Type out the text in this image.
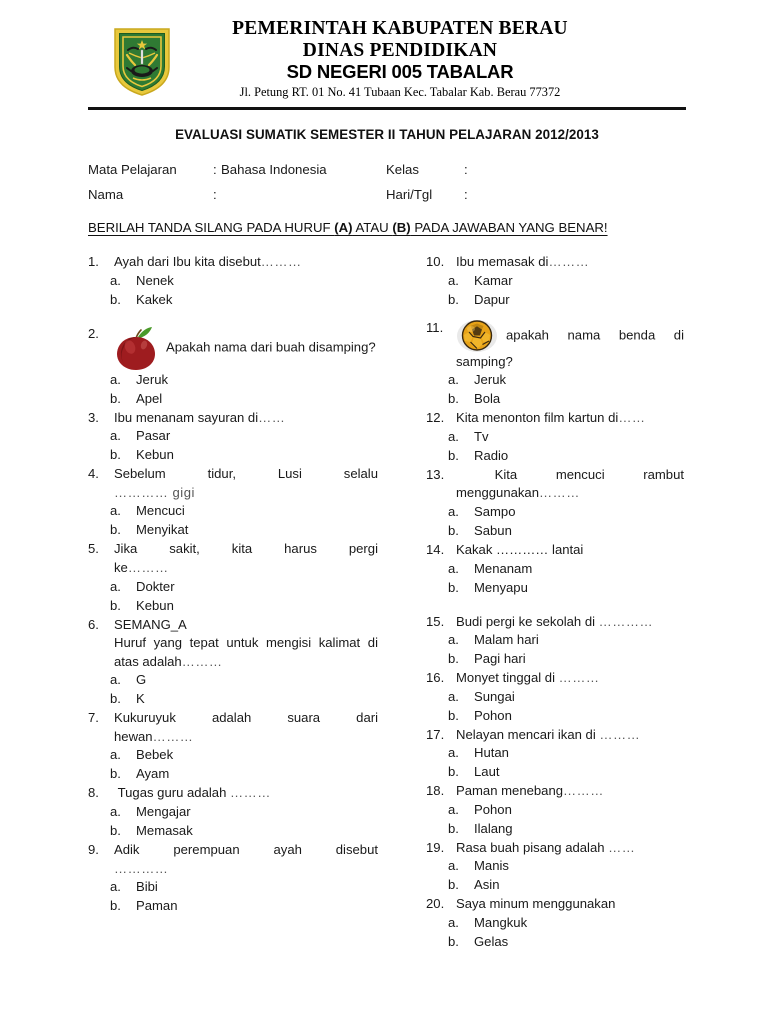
PEMERINTAH KABUPATEN BERAU
DINAS PENDIDIKAN
SD NEGERI 005 TABALAR
Jl. Petung RT. 01 No. 41 Tubaan Kec. Tabalar Kab. Berau 77372
EVALUASI SUMATIK SEMESTER II TAHUN PELAJARAN 2012/2013
Mata Pelajaran	: Bahasa Indonesia	Kelas	:
Nama	:	Hari/Tgl	:
BERILAH TANDA SILANG PADA HURUF (A) ATAU (B) PADA JAWABAN YANG BENAR!
1.	Ayah dari Ibu kita disebut………
a.	Nenek
b.	Kakek
2.
Apakah nama dari buah disamping?
a.	Jeruk
b.	Apel
3.	Ibu menanam sayuran di……
a.	Pasar
b.	Kebun
4.	Sebelum tidur, Lusi selalu
………… gigi
a.	Mencuci
b.	Menyikat
5.	Jika sakit, kita harus pergi
ke………
a.	Dokter
b.	Kebun
6.	SEMANG_A
Huruf yang tepat untuk mengisi kalimat di atas adalah………
a.	G
b.	K
7.	Kukuruyuk adalah suara dari
hewan………
a.	Bebek
b.	Ayam
8.	Tugas guru adalah ………
a.	Mengajar
b.	Memasak
9.	Adik perempuan ayah disebut
…………
a.	Bibi
b.	Paman
10. Ibu memasak di………
a.	Kamar
b.	Dapur
11.	apakah nama benda di samping?
a.	Jeruk
b.	Bola
12. Kita menonton film kartun di……
a.	Tv
b.	Radio
13.	Kita mencuci rambut
menggunakan………
a.	Sampo
b.	Sabun
14. Kakak ………… lantai
a.	Menanam
b.	Menyapu
15. Budi pergi ke sekolah di …………
a.	Malam hari
b.	Pagi hari
16. Monyet tinggal di ………
a.	Sungai
b.	Pohon
17. Nelayan mencari ikan di ………
a.	Hutan
b.	Laut
18. Paman menebang………
a.	Pohon
b.	Ilalang
19. Rasa buah pisang adalah ……
a.	Manis
b.	Asin
20. Saya minum menggunakan
a.	Mangkuk
b.	Gelas
